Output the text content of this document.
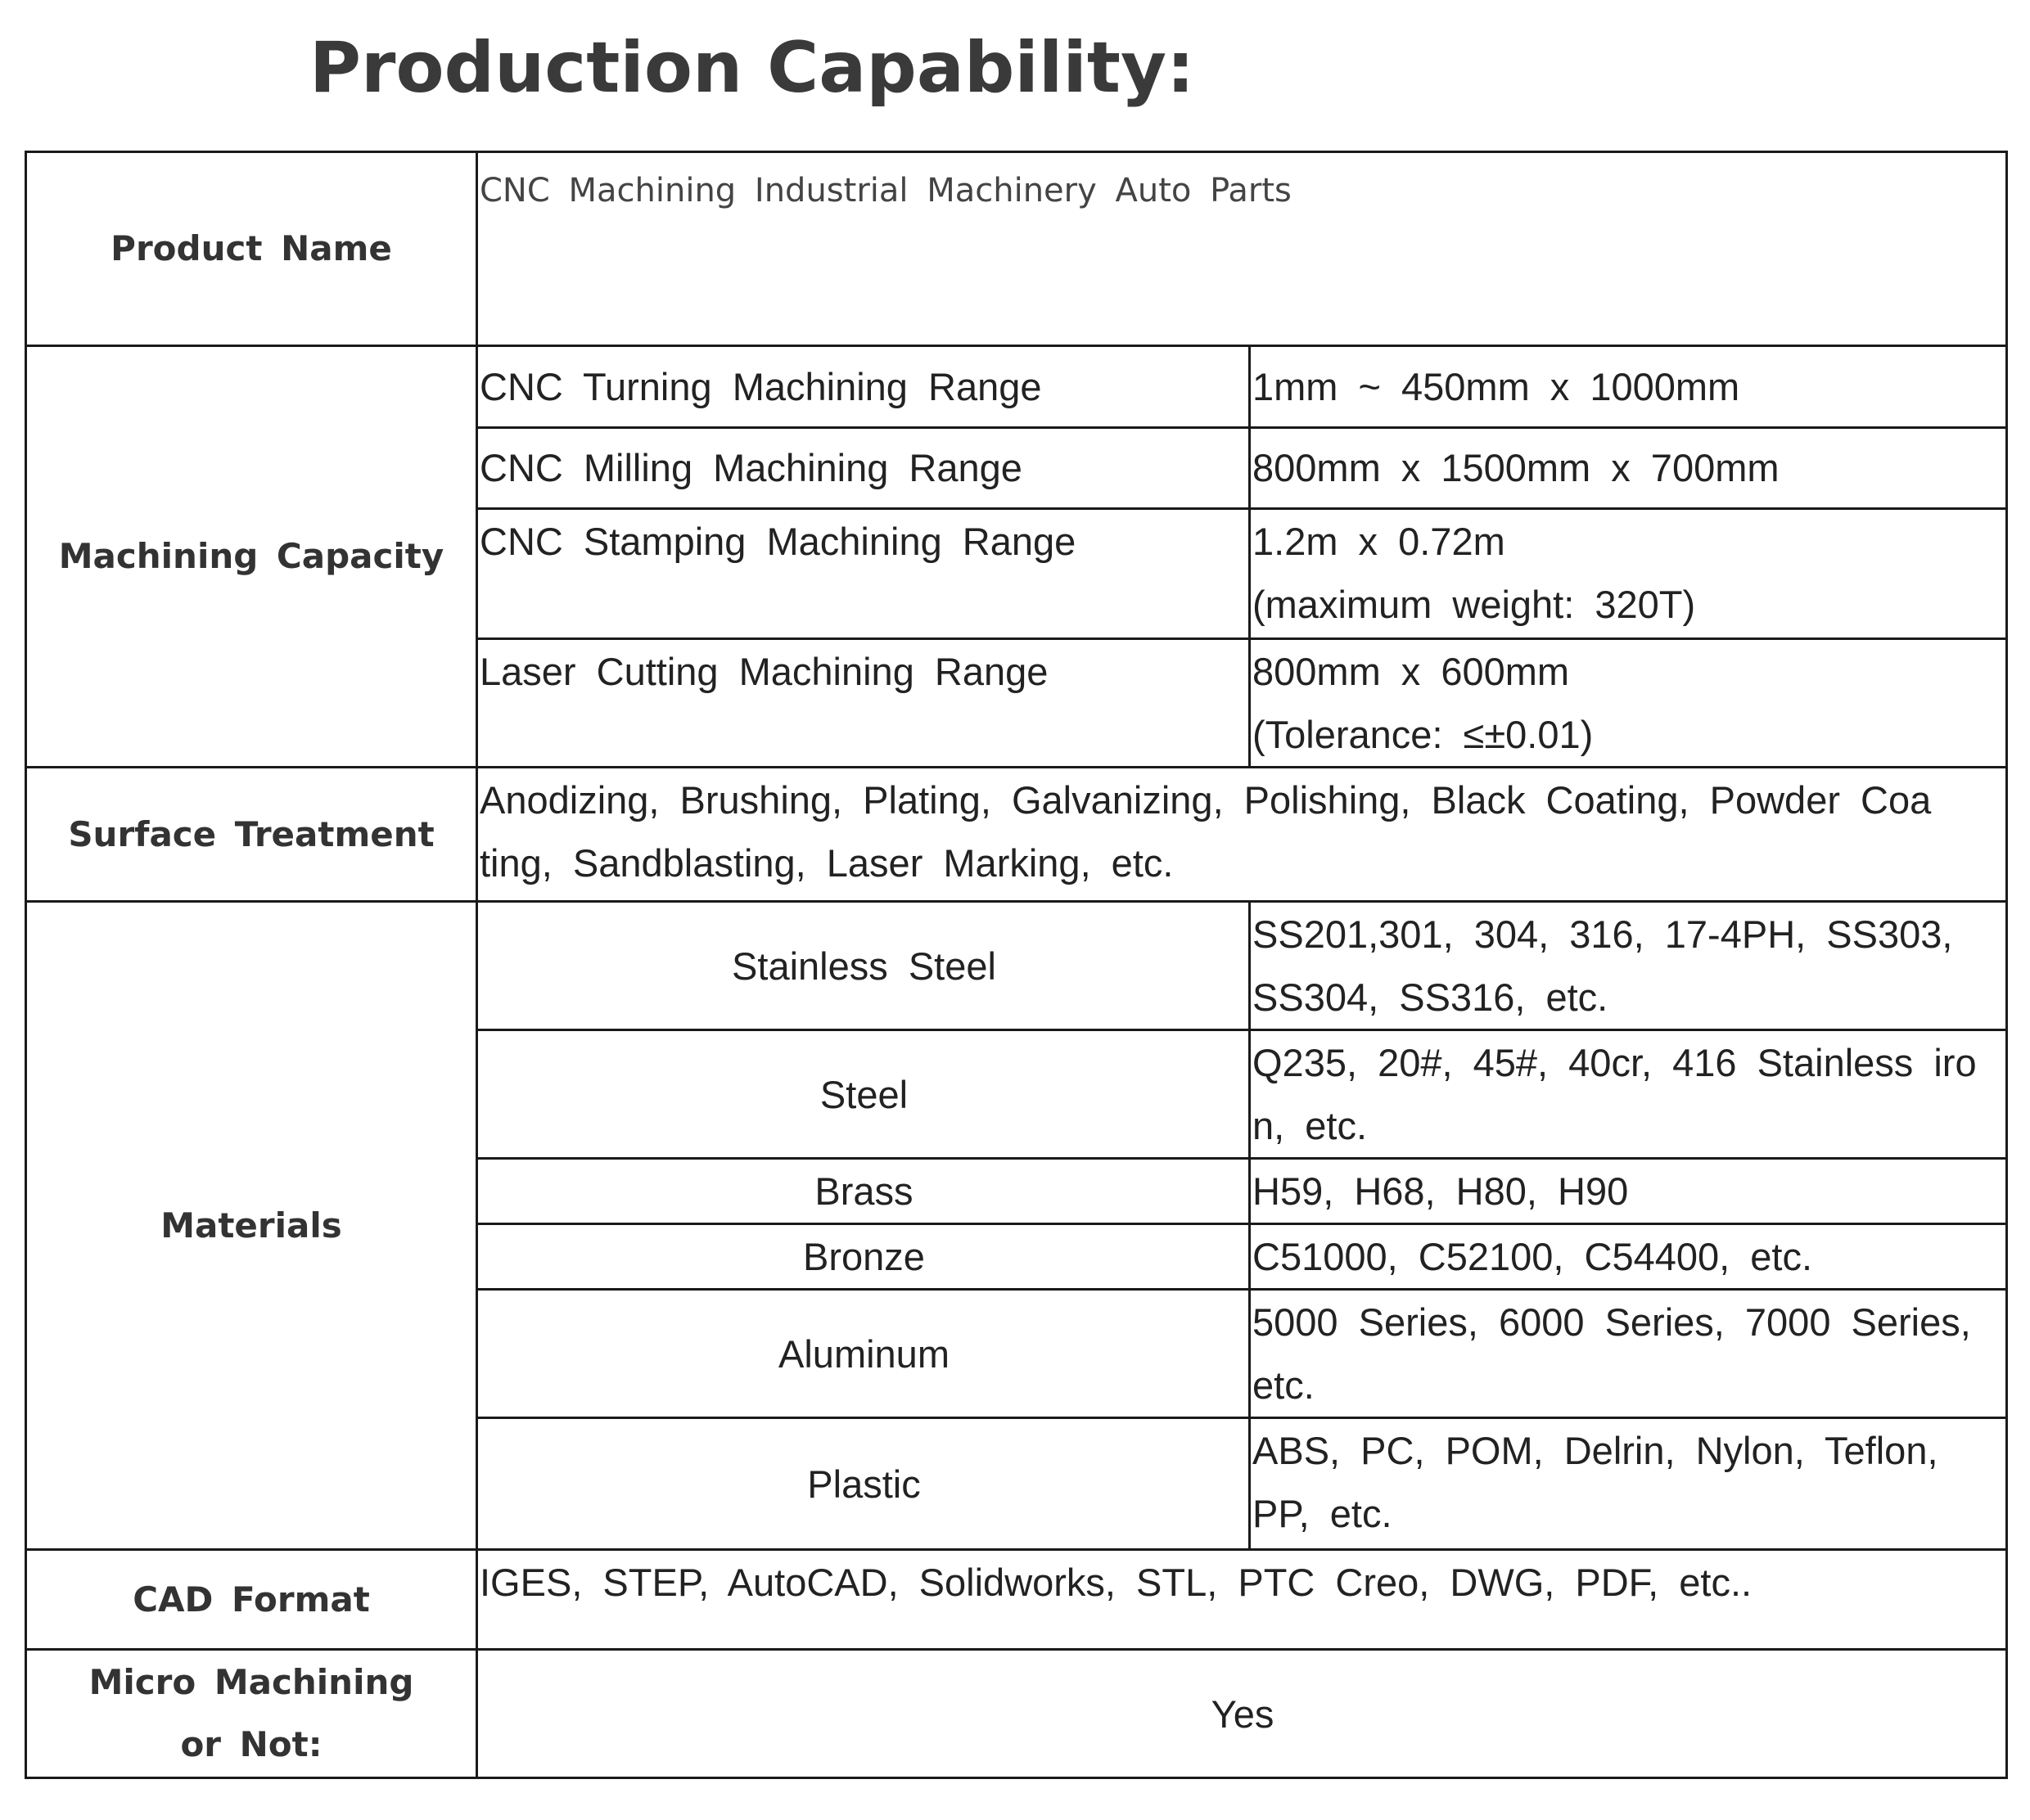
Production Capability:
Product Name	CNC Machining Industrial Machinery Auto Parts	
Machining Capacity	CNC Turning Machining Range	1mm ~ 450mm x 1000mm
	CNC Milling Machining Range	800mm x 1500mm x 700mm
	CNC Stamping Machining Range	1.2m x 0.72m
(maximum weight: 320T)

	Laser Cutting Machining Range	800mm x 600mm
(Tolerance: ≤±0.01)

Surface Treatment	Anodizing, Brushing, Plating, Galvanizing, Polishing, Black Coating, Powder Coa
ting, Sandblasting, Laser Marking, etc.	

Materials	Stainless Steel	SS201,301, 304, 316, 17-4PH, SS303,
SS304, SS316, etc.

	Steel	Q235, 20#, 45#, 40cr, 416 Stainless iro
n, etc.

	Brass	H59, H68, H80, H90
	Bronze	C51000, C52100, C54400, etc.
	Aluminum	5000 Series, 6000 Series, 7000 Series,
etc.

	Plastic	ABS, PC, POM, Delrin, Nylon, Teflon,
PP, etc.

CAD Format	IGES, STEP, AutoCAD, Solidworks, STL, PTC Creo, DWG, PDF, etc..	

Micro Machining
or Not:	Yes	
